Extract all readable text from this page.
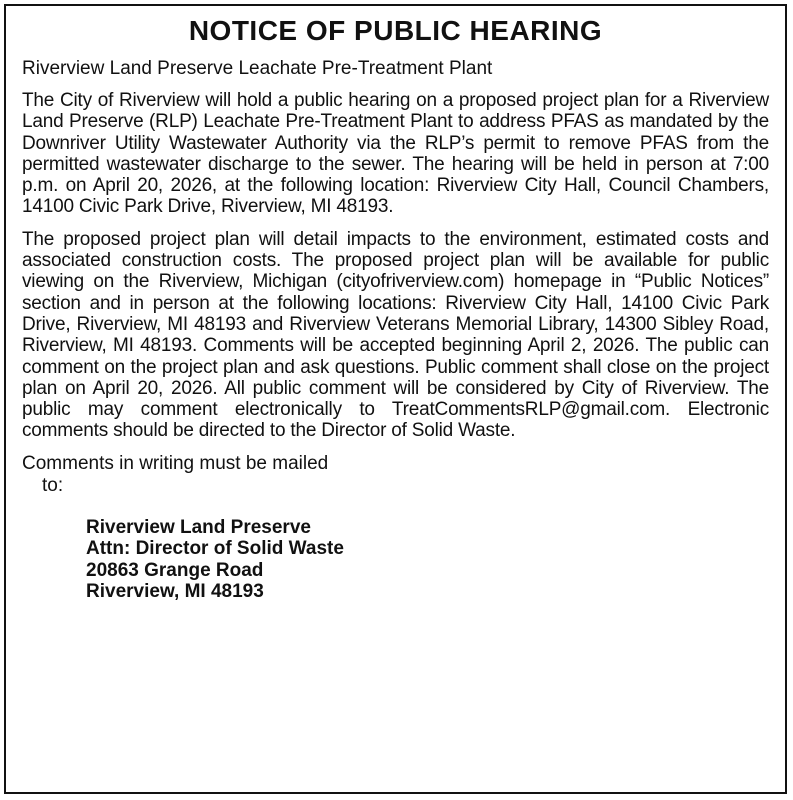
NOTICE OF PUBLIC HEARING

Riverview Land Preserve Leachate Pre-Treatment Plant

The City of Riverview will hold a public hearing on a proposed project plan for a Riverview Land Preserve (RLP) Leachate Pre-Treatment Plant to address PFAS as mandated by the Downriver Utility Wastewater Authority via the RLP’s permit to remove PFAS from the permitted wastewater discharge to the sewer. The hearing will be held in person at 7:00 p.m. on April 20, 2026, at the following location: Riverview City Hall, Council Chambers, 14100 Civic Park Drive, Riverview, MI 48193.

The proposed project plan will detail impacts to the environment, estimated costs and associated construction costs. The proposed project plan will be available for public viewing on the Riverview, Michigan (cityofriverview.com) homepage in “Public Notices” section and in person at the following locations: Riverview City Hall, 14100 Civic Park Drive, Riverview, MI 48193 and Riverview Veterans Memorial Library, 14300 Sibley Road, Riverview, MI 48193. Comments will be accepted beginning April 2, 2026. The public can comment on the project plan and ask questions. Public comment shall close on the project plan on April 20, 2026. All public comment will be considered by City of Riverview. The public may comment electronically to TreatCommentsRLP@gmail.com. Electronic comments should be directed to the Director of Solid Waste.

Comments in writing must be mailed
to:
Riverview Land Preserve
Attn: Director of Solid Waste
20863 Grange Road
Riverview, MI 48193
